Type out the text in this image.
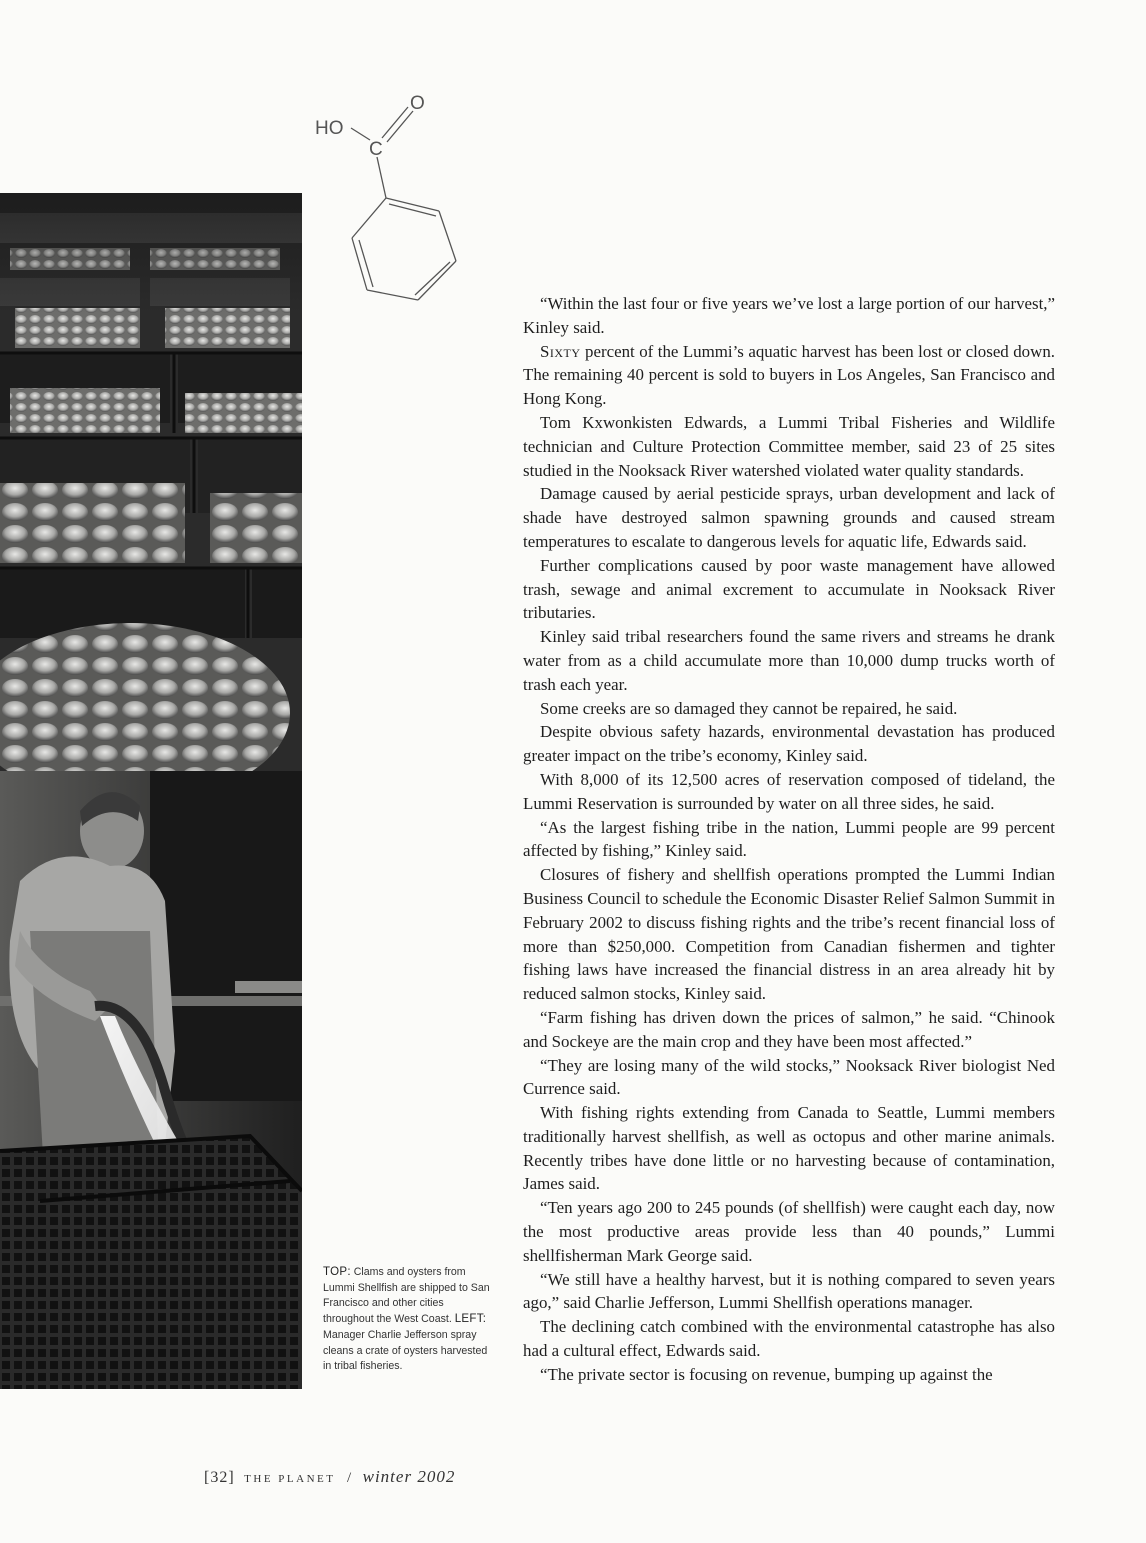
HO
O
C
TOP: Clams and oysters from Lummi Shellfish are shipped to San Francisco and other cities throughout the West Coast. LEFT: Manager Charlie Jefferson spray cleans a crate of oysters harvested in tribal fisheries.

“Within the last four or five years we’ve lost a large portion of our harvest,” Kinley said.

Sixty percent of the Lummi’s aquatic harvest has been lost or closed down. The remaining 40 percent is sold to buyers in Los Angeles, San Francisco and Hong Kong.

Tom Kxwonkisten Edwards, a Lummi Tribal Fisheries and Wildlife technician and Culture Protection Committee member, said 23 of 25 sites studied in the Nooksack River watershed violated water quality standards.

Damage caused by aerial pesticide sprays, urban development and lack of shade have destroyed salmon spawning grounds and caused stream temperatures to escalate to dangerous levels for aquatic life, Edwards said.

Further complications caused by poor waste management have allowed trash, sewage and animal excrement to accumulate in Nooksack River tributaries.

Kinley said tribal researchers found the same rivers and streams he drank water from as a child accumulate more than 10,000 dump trucks worth of trash each year.

Some creeks are so damaged they cannot be repaired, he said.

Despite obvious safety hazards, environmental devastation has produced greater impact on the tribe’s economy, Kinley said.

With 8,000 of its 12,500 acres of reservation composed of tideland, the Lummi Reservation is surrounded by water on all three sides, he said.

“As the largest fishing tribe in the nation, Lummi people are 99 percent affected by fishing,” Kinley said.

Closures of fishery and shellfish operations prompted the Lummi Indian Business Council to schedule the Economic Disaster Relief Salmon Summit in February 2002 to discuss fishing rights and the tribe’s recent financial loss of more than $250,000. Competition from Canadian fishermen and tighter fishing laws have increased the financial distress in an area already hit by reduced salmon stocks, Kinley said.

“Farm fishing has driven down the prices of salmon,” he said. “Chinook and Sockeye are the main crop and they have been most affected.”

“They are losing many of the wild stocks,” Nooksack River biologist Ned Currence said.

With fishing rights extending from Canada to Seattle, Lummi members traditionally harvest shellfish, as well as octopus and other marine animals. Recently tribes have done little or no harvesting because of contamination, James said.

“Ten years ago 200 to 245 pounds (of shellfish) were caught each day, now the most productive areas provide less than 40 pounds,” Lummi shellfisherman Mark George said.

“We still have a healthy harvest, but it is nothing compared to seven years ago,” said Charlie Jefferson, Lummi Shellfish operations manager.

The declining catch combined with the environmental catastrophe has also had a cultural effect, Edwards said.

“The private sector is focusing on revenue, bumping up against the

[32] THE PLANET / winter 2002
